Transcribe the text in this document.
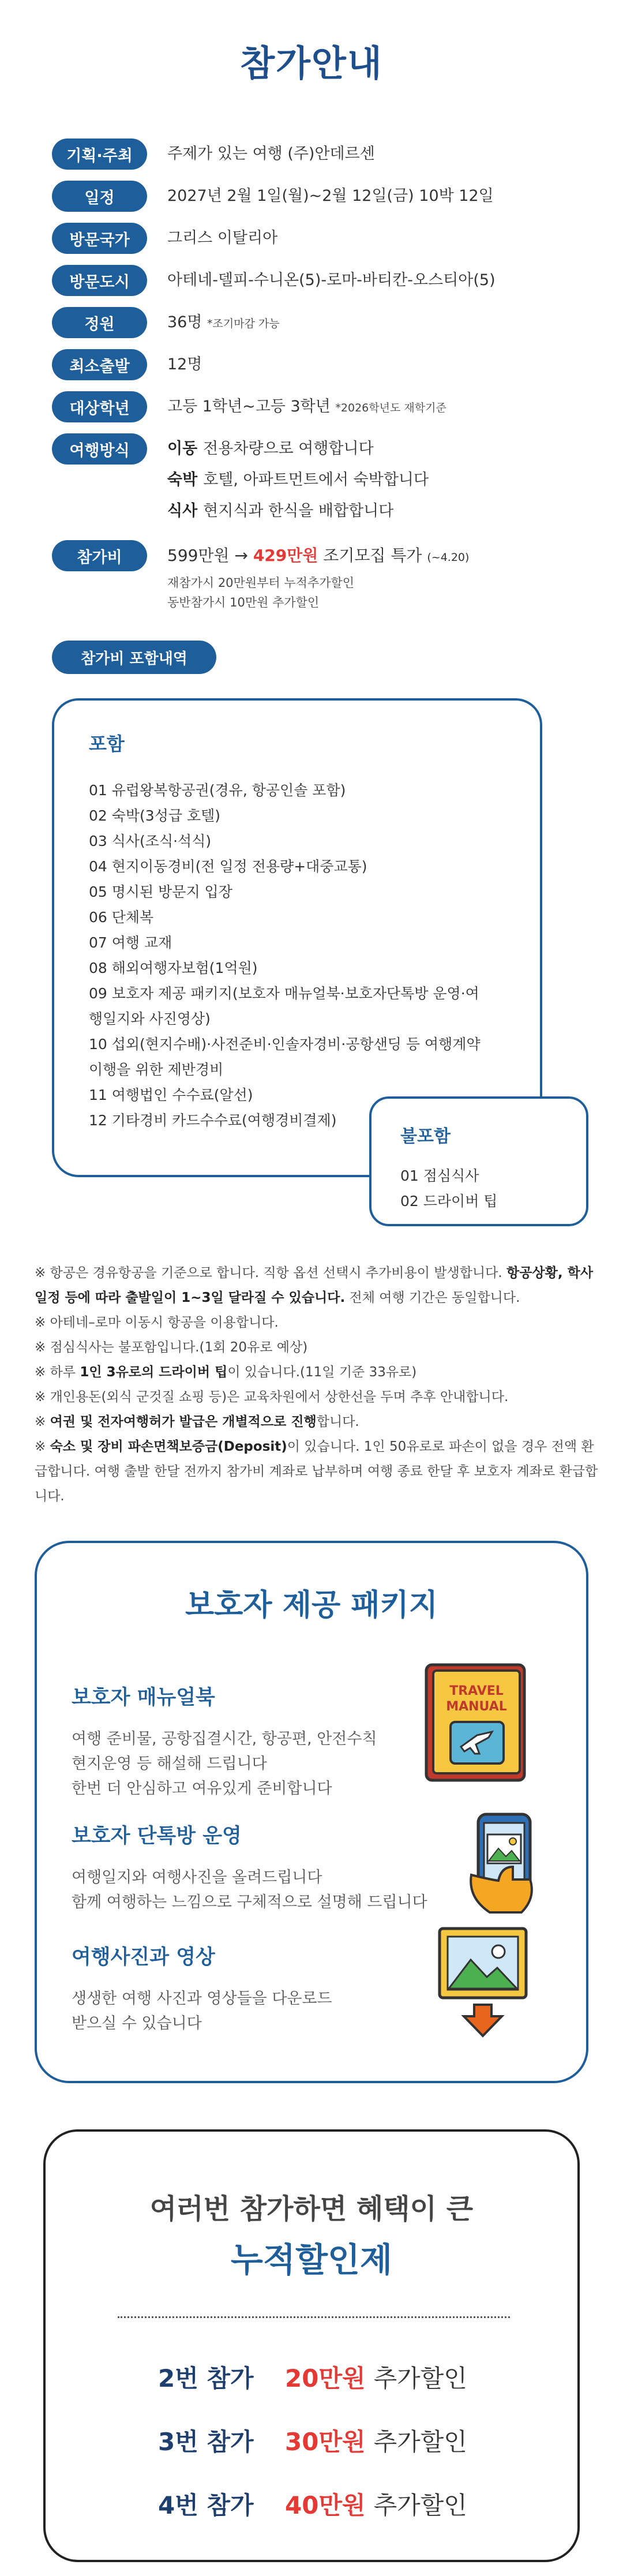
참가안내
기획·주최	주제가 있는 여행 (주)안데르센
일정	2027년 2월 1일(월)~2월 12일(금) 10박 12일
방문국가	그리스 이탈리아
방문도시	아테네-델피-수니온(5)-로마-바티칸-오스티아(5)
정원	36명 *조기마감 가능
최소출발	12명
대상학년	고등 1학년~고등 3학년 *2026학년도 재학기준
여행방식	이동 전용차량으로 여행합니다
숙박 호텔, 아파트먼트에서 숙박합니다
식사 현지식과 한식을 배합합니다
참가비	599만원 → 429만원 조기모집 특가 (~4.20)
재참가시 20만원부터 누적추가할인
동반참가시 10만원 추가할인
참가비 포함내역
포함
01 유럽왕복항공권(경유, 항공인솔 포함)
02 숙박(3성급 호텔)
03 식사(조식·석식)
04 현지이동경비(전 일정 전용량+대중교통)
05 명시된 방문지 입장
06 단체복
07 여행 교재
08 해외여행자보험(1억원)
09 보호자 제공 패키지(보호자 매뉴얼북·보호자단톡방 운영·여행일지와 사진영상)
10 섭외(현지수배)·사전준비·인솔자경비·공항샌딩 등 여행계약 이행을 위한 제반경비
11 여행법인 수수료(알선)
12 기타경비 카드수수료(여행경비결제)
불포함
01 점심식사
02 드라이버 팁
※ 항공은 경유항공을 기준으로 합니다. 직항 옵션 선택시 추가비용이 발생합니다. 항공상황, 학사일정 등에 따라 출발일이 1~3일 달라질 수 있습니다. 전체 여행 기간은 동일합니다.
※ 아테네–로마 이동시 항공을 이용합니다.
※ 점심식사는 불포함입니다.(1회 20유로 예상)
※ 하루 1인 3유로의 드라이버 팁이 있습니다.(11일 기준 33유로)
※ 개인용돈(외식 군것질 쇼핑 등)은 교육차원에서 상한선을 두며 추후 안내합니다.
※ 여권 및 전자여행허가 발급은 개별적으로 진행합니다.
※ 숙소 및 장비 파손면책보증금(Deposit)이 있습니다. 1인 50유로로 파손이 없을 경우 전액 환급합니다. 여행 출발 한달 전까지 참가비 계좌로 납부하며 여행 종료 한달 후 보호자 계좌로 환급합니다.
보호자 제공 패키지
보호자 매뉴얼북

여행 준비물, 공항집결시간, 항공편, 안전수칙

현지운영 등 해설해 드립니다

한번 더 안심하고 여유있게 준비합니다

TRAVEL
MANUAL
보호자 단톡방 운영

여행일지와 여행사진을 올려드립니다

함께 여행하는 느낌으로 구체적으로 설명해 드립니다

여행사진과 영상

생생한 여행 사진과 영상들을 다운로드

받으실 수 있습니다

여러번 참가하면 혜택이 큰
누적할인제
2번 참가	20만원 추가할인
3번 참가	30만원 추가할인
4번 참가	40만원 추가할인
